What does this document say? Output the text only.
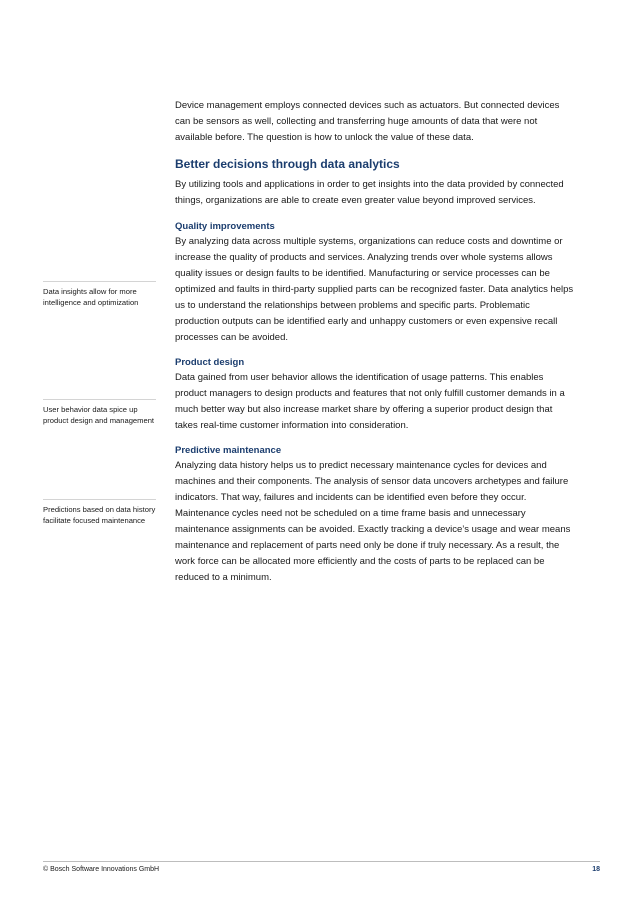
Device management employs connected devices such as actuators. But connected devices can be sensors as well, collecting and transferring huge amounts of data that were not available before. The question is how to unlock the value of these data.

Better decisions through data analytics

By utilizing tools and applications in order to get insights into the data provided by connected things, organizations are able to create even greater value beyond improved services.

Quality improvements

By analyzing data across multiple systems, organizations can reduce costs and downtime or increase the quality of products and services. Analyzing trends over whole systems allows quality issues or design faults to be identified. Manufacturing or service processes can be optimized and faults in third-party supplied parts can be recognized faster. Data analytics helps us to understand the relationships between problems and specific parts. Problematic production outputs can be identified early and unhappy customers or even expensive recall processes can be avoided.

Product design

Data gained from user behavior allows the identification of usage patterns. This enables product managers to design products and features that not only fulfill customer demands in a much better way but also increase market share by offering a superior product design that takes real-time customer information into consideration.

Predictive maintenance

Analyzing data history helps us to predict necessary maintenance cycles for devices and machines and their components. The analysis of sensor data uncovers archetypes and failure indicators. That way, failures and incidents can be identified even before they occur. Maintenance cycles need not be scheduled on a time frame basis and unnecessary maintenance assignments can be avoided. Exactly tracking a device’s usage and wear means maintenance and replacement of parts need only be done if truly necessary. As a result, the work force can be allocated more efficiently and the costs of parts to be replaced can be reduced to a minimum.

Data insights allow for more intelligence and optimization
User behavior data spice up product design and management
Predictions based on data history facilitate focused maintenance
© Bosch Software Innovations GmbH	18
